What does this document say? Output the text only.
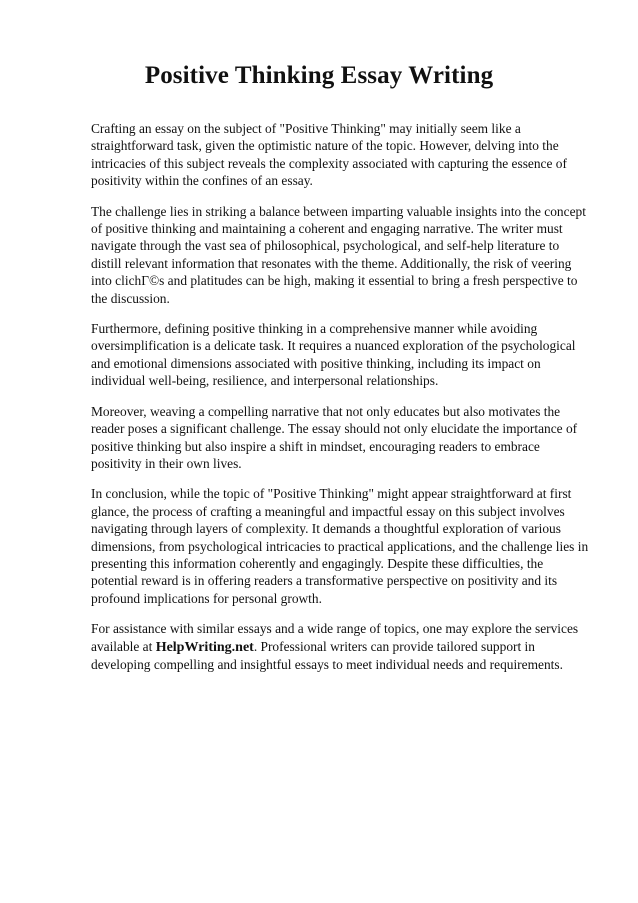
Positive Thinking Essay Writing

Crafting an essay on the subject of "Positive Thinking" may initially seem like a straightforward task, given the optimistic nature of the topic. However, delving into the intricacies of this subject reveals the complexity associated with capturing the essence of positivity within the confines of an essay.

The challenge lies in striking a balance between imparting valuable insights into the concept of positive thinking and maintaining a coherent and engaging narrative. The writer must navigate through the vast sea of philosophical, psychological, and self-help literature to distill relevant information that resonates with the theme. Additionally, the risk of veering into clichГ©s and platitudes can be high, making it essential to bring a fresh perspective to the discussion.

Furthermore, defining positive thinking in a comprehensive manner while avoiding oversimplification is a delicate task. It requires a nuanced exploration of the psychological and emotional dimensions associated with positive thinking, including its impact on individual well-being, resilience, and interpersonal relationships.

Moreover, weaving a compelling narrative that not only educates but also motivates the reader poses a significant challenge. The essay should not only elucidate the importance of positive thinking but also inspire a shift in mindset, encouraging readers to embrace positivity in their own lives.

In conclusion, while the topic of "Positive Thinking" might appear straightforward at first glance, the process of crafting a meaningful and impactful essay on this subject involves navigating through layers of complexity. It demands a thoughtful exploration of various dimensions, from psychological intricacies to practical applications, and the challenge lies in presenting this information coherently and engagingly. Despite these difficulties, the potential reward is in offering readers a transformative perspective on positivity and its profound implications for personal growth.

For assistance with similar essays and a wide range of topics, one may explore the services available at HelpWriting.net. Professional writers can provide tailored support in developing compelling and insightful essays to meet individual needs and requirements.
